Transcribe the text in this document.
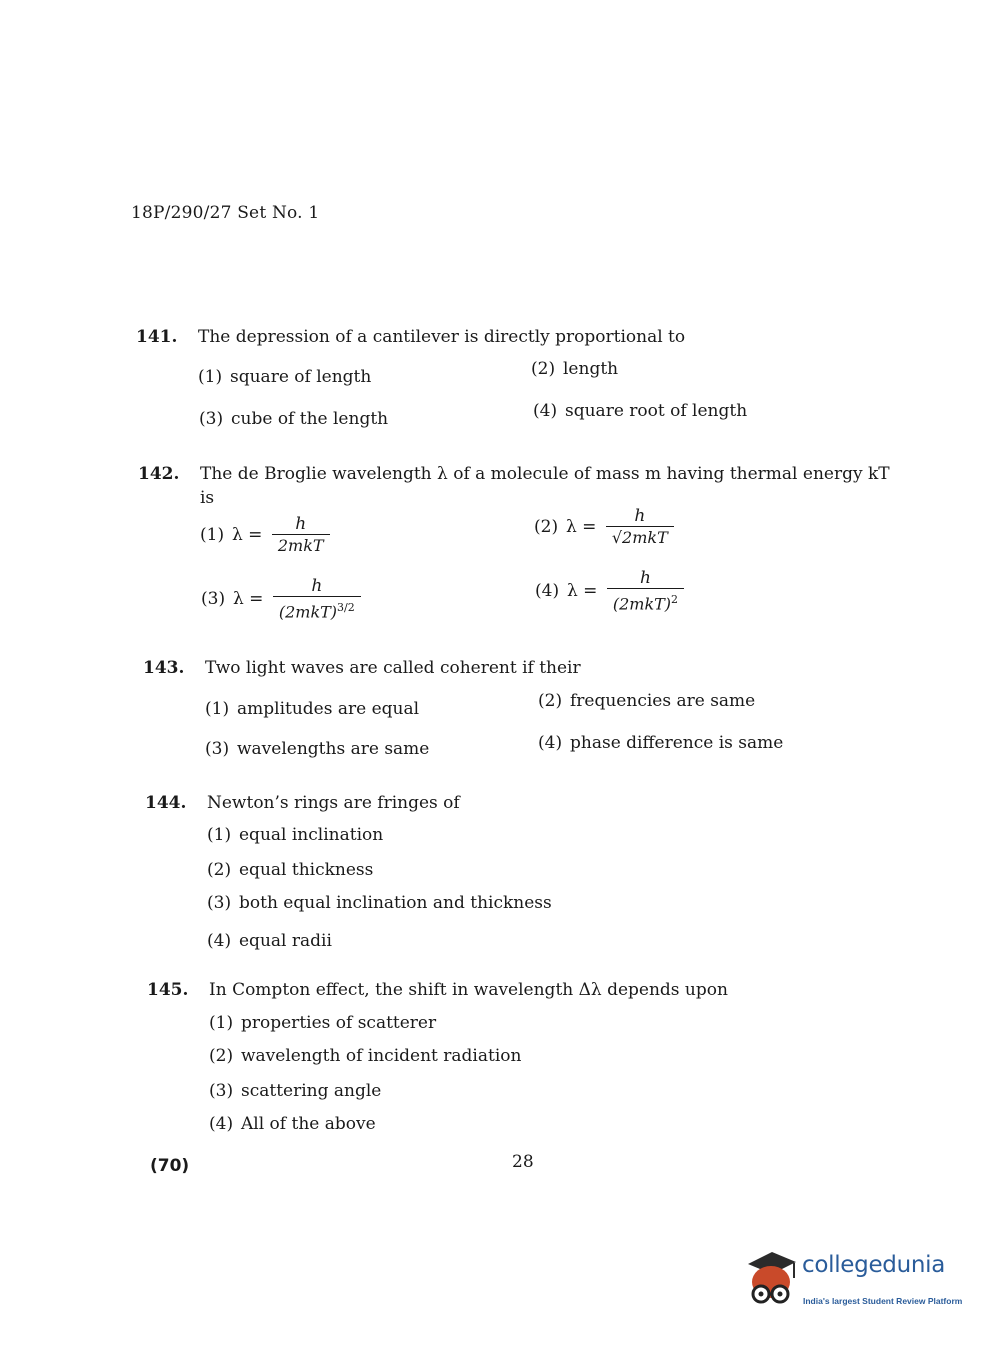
18P/290/27 Set No. 1
141.	The depression of a cantilever is directly proportional to
(1) square of length	(2) length
(3) cube of the length	(4) square root of length
142.	The de Broglie wavelength λ of a molecule of mass m having thermal energy kT is
(1) $\lambda = \frac{h}{\text{2mkT}}$	(2) $\lambda = \frac{h}{\text{√2mkT}}$
(3) $\lambda = \frac{h}{(2mkT)^{3/2}}$	(4) $\lambda = \frac{h}{(2mkT)^2}$
143.	Two light waves are called coherent if their
(1) amplitudes are equal	(2) frequencies are same
(3) wavelengths are same	(4) phase difference is same
144.	Newton’s rings are fringes of
(1) equal inclination
(2) equal thickness
(3) both equal inclination and thickness
(4) equal radii
145.	In Compton effect, the shift in wavelength Δλ depends upon
(1) properties of scatterer
(2) wavelength of incident radiation
(3) scattering angle
(4) All of the above
(70)	28
collegedunia
India's largest Student Review Platform
